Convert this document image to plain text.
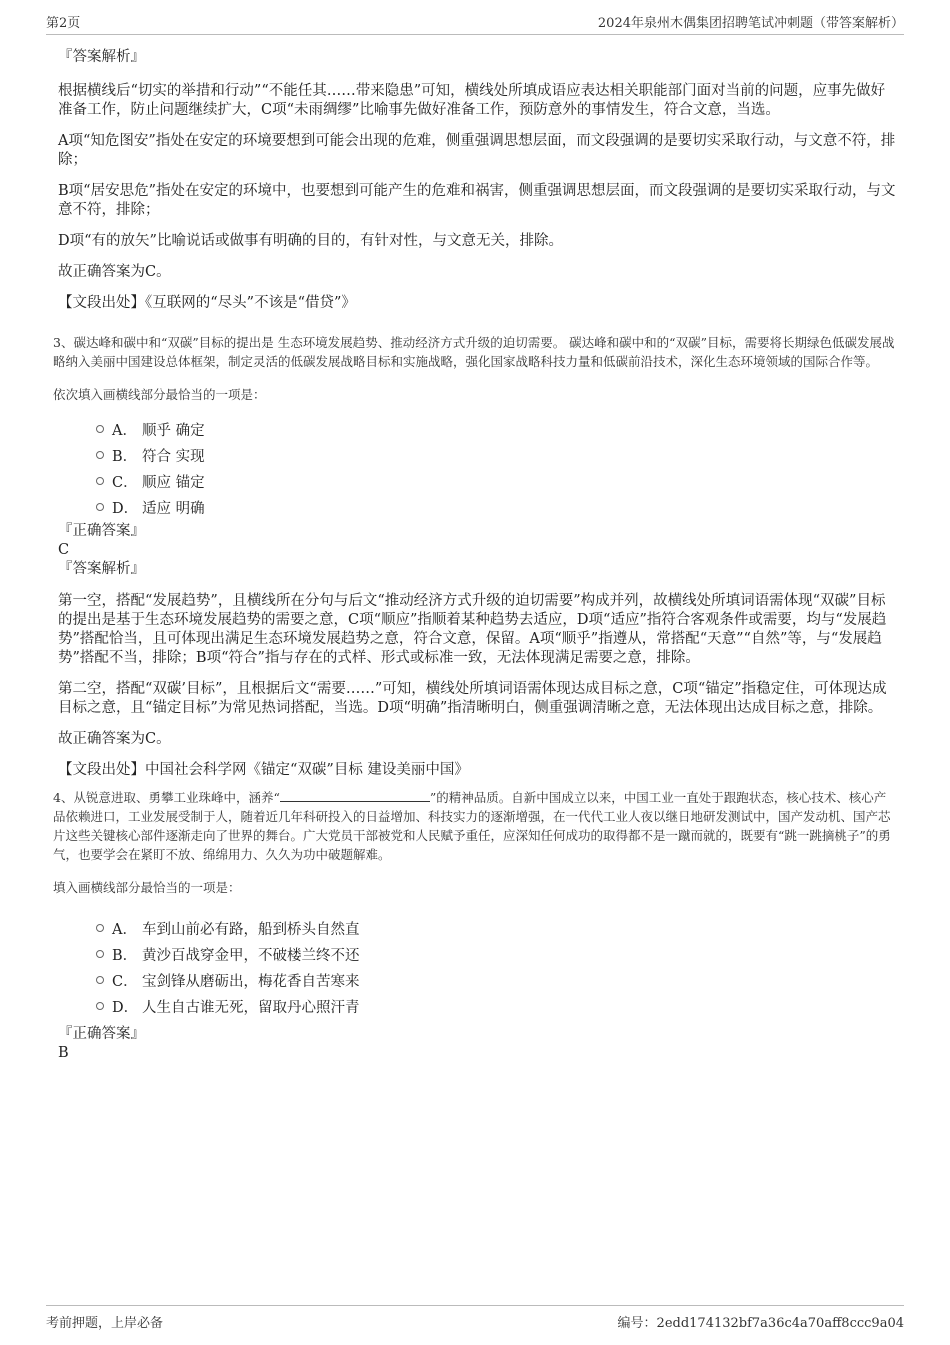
第2页	2024年泉州木偶集团招聘笔试冲刺题（带答案解析）

『答案解析』

根据横线后“切实的举措和行动”“不能任其……带来隐患”可知，横线处所填成语应表达相关职能部门面对当前的问题，应事先做好准备工作，防止问题继续扩大，C项“未雨绸缪”比喻事先做好准备工作，预防意外的事情发生，符合文意，当选。

A项“知危图安”指处在安定的环境要想到可能会出现的危难，侧重强调思想层面，而文段强调的是要切实采取行动，与文意不符，排除；

B项“居安思危”指处在安定的环境中，也要想到可能产生的危难和祸害，侧重强调思想层面，而文段强调的是要切实采取行动，与文意不符，排除；

D项“有的放矢”比喻说话或做事有明确的目的，有针对性，与文意无关，排除。

故正确答案为C。

【文段出处】《互联网的“尽头”不该是“借贷”》

3、碳达峰和碳中和“双碳”目标的提出是 生态环境发展趋势、推动经济方式升级的迫切需要。 碳达峰和碳中和的“双碳”目标，需要将长期绿色低碳发展战略纳入美丽中国建设总体框架，制定灵活的低碳发展战略目标和实施战略，强化国家战略科技力量和低碳前沿技术，深化生态环境领域的国际合作等。

依次填入画横线部分最恰当的一项是：

A． 顺乎 确定
B． 符合 实现
C． 顺应 锚定
D． 适应 明确

『正确答案』

C

『答案解析』

第一空，搭配“发展趋势”，且横线所在分句与后文“推动经济方式升级的迫切需要”构成并列，故横线处所填词语需体现“双碳”目标的提出是基于生态环境发展趋势的需要之意，C项“顺应”指顺着某种趋势去适应，D项“适应”指符合客观条件或需要，均与“发展趋势”搭配恰当，且可体现出满足生态环境发展趋势之意，符合文意，保留。A项“顺乎”指遵从，常搭配“天意”“自然”等，与“发展趋势”搭配不当，排除；B项“符合”指与存在的式样、形式或标准一致，无法体现满足需要之意，排除。

第二空，搭配“双碳’目标”，且根据后文“需要……”可知，横线处所填词语需体现达成目标之意，C项“锚定”指稳定住，可体现达成目标之意，且“锚定目标”为常见热词搭配，当选。D项“明确”指清晰明白，侧重强调清晰之意，无法体现出达成目标之意，排除。

故正确答案为C。

【文段出处】中国社会科学网《锚定“双碳”目标 建设美丽中国》

4、从锐意进取、勇攀工业珠峰中，涵养“	”的精神品质。自新中国成立以来，中国工业一直处于跟跑状态，核心技术、核心产品依赖进口，工业发展受制于人，随着近几年科研投入的日益增加、科技实力的逐渐增强，在一代代工业人夜以继日地研发测试中，国产发动机、国产芯片这些关键核心部件逐渐走向了世界的舞台。广大党员干部被党和人民赋予重任，应深知任何成功的取得都不是一蹴而就的，既要有“跳一跳摘桃子”的勇气，也要学会在紧盯不放、绵绵用力、久久为功中破题解难。

填入画横线部分最恰当的一项是：

A． 车到山前必有路，船到桥头自然直
B． 黄沙百战穿金甲，不破楼兰终不还
C． 宝剑锋从磨砺出，梅花香自苦寒来
D． 人生自古谁无死，留取丹心照汗青

『正确答案』

B

考前押题，上岸必备	编号：2edd174132bf7a36c4a70aff8ccc9a04
